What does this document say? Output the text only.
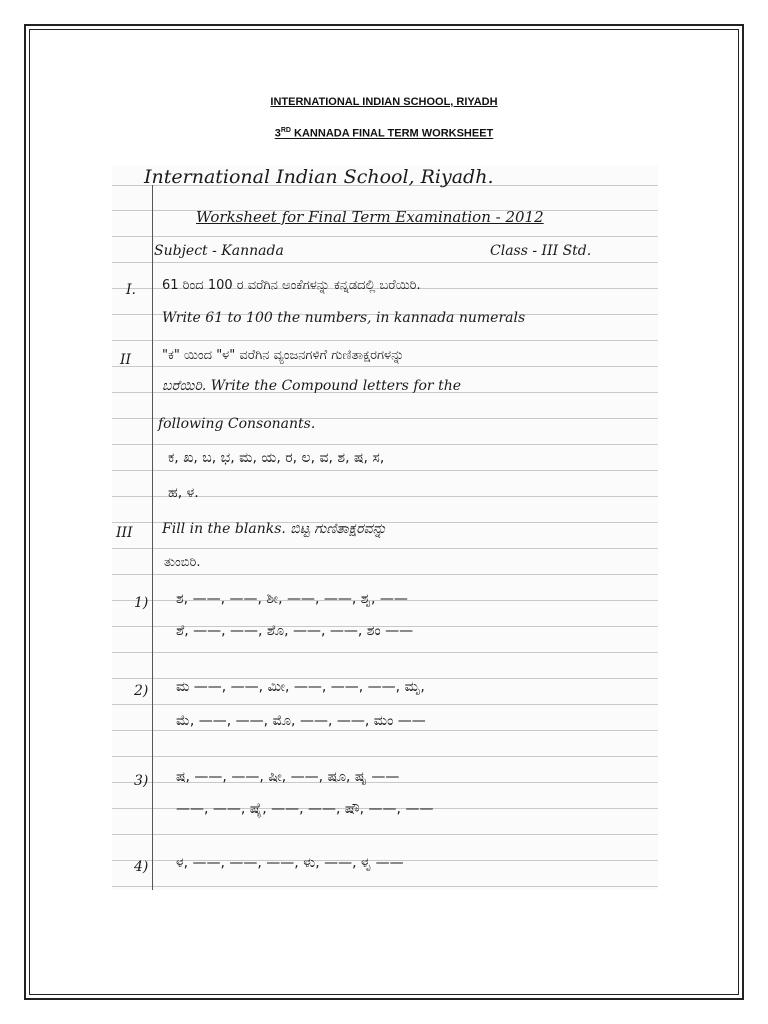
INTERNATIONAL INDIAN SCHOOL, RIYADH
3RD KANNADA FINAL TERM WORKSHEET
International Indian School, Riyadh.
Worksheet for Final Term Examination - 2012
Subject - Kannada	Class - III Std.
I. 61 ರಿಂದ 100 ರ ವರೆಗಿನ ಅಂಕೆಗಳನ್ನು ಕನ್ನಡದಲ್ಲಿ ಬರೆಯಿರಿ.
Write 61 to 100 the numbers, in kannada numerals
II "ಕ" ಯಿಂದ "ಳ" ವರೆಗಿನ ವ್ಯಂಜನಗಳಿಗೆ ಗುಣಿತಾಕ್ಷರಗಳನ್ನು
ಬರೆಯಿರಿ. Write the Compound letters for the
following Consonants.
ಕ, ಖ, ಬ, ಭ, ಮ, ಯ, ರ, ಲ, ವ, ಶ, ಷ, ಸ,
ಹ, ಳ.
III Fill in the blanks. ಬಿಟ್ಟ ಗುಣಿತಾಕ್ಷರವನ್ನು
ತುಂಬಿರಿ.
1) ಶ, ——, ——, ಶೀ, ——, ——, ಶೃ, ——
ಶೆ, ——, ——, ಶೊ, ——, ——, ಶಂ ——
2) ಮ ——, ——, ಮೀ, ——, ——, ——, ಮೃ,
ಮೆ, ——, ——, ಮೊ, ——, ——, ಮಂ ——
3) ಷ, ——, ——, ಷೀ, ——, ಷೂ, ಷೃ ——
——, ——, ಷೈ, ——, ——, ಷೌ, ——, ——
4) ಳ, ——, ——, ——, ಳು, ——, ಳೃ ——
